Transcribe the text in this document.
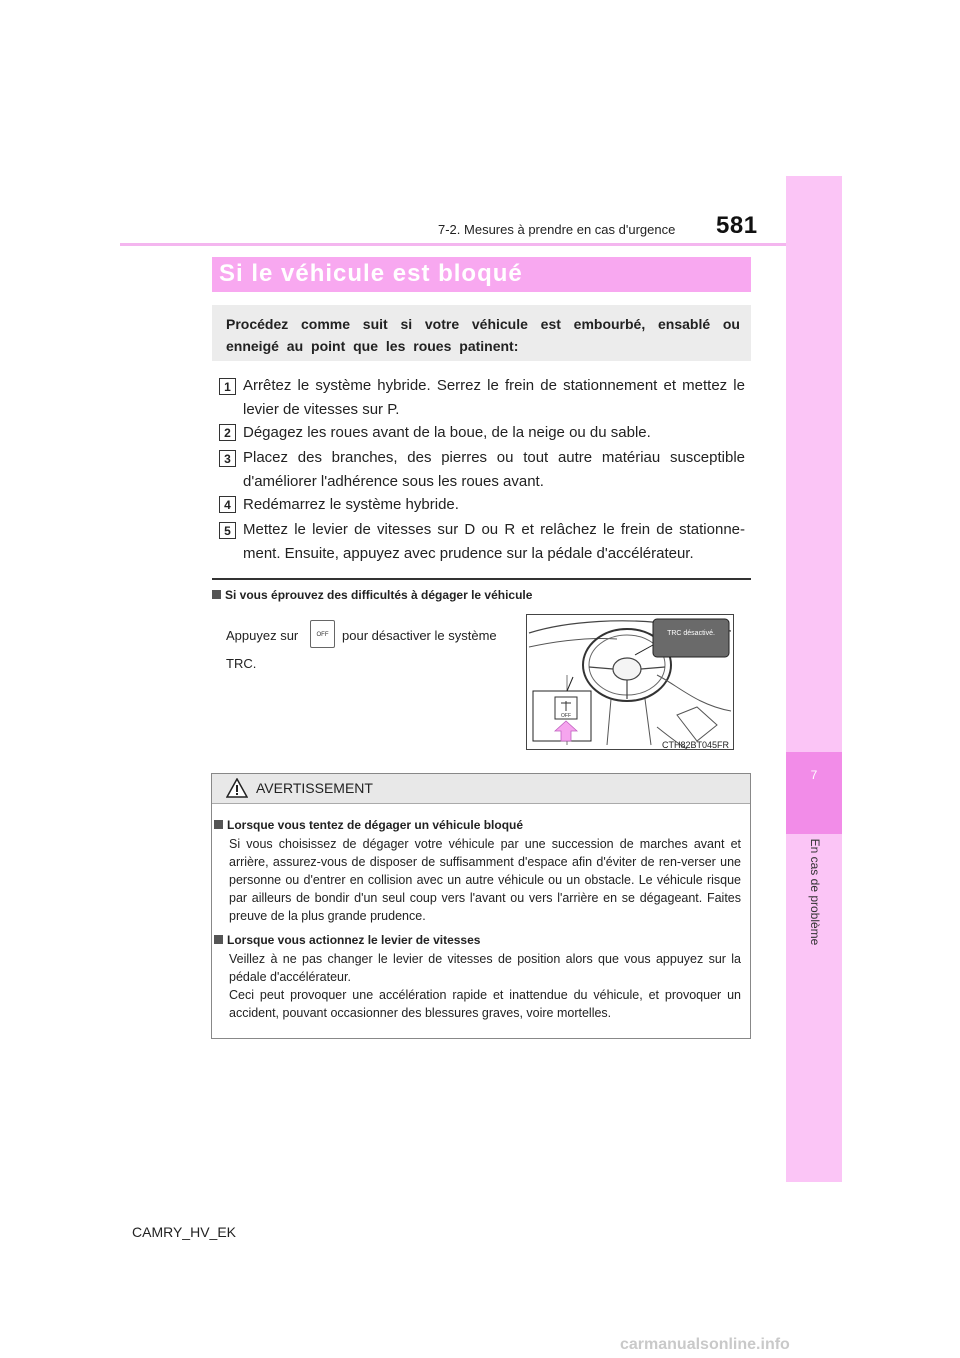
7-2. Mesures à prendre en cas d'urgence 581
7
En cas de problème
Si le véhicule est bloqué
Procédez comme suit si votre véhicule est embourbé, ensablé ou enneigé au point que les roues patinent:
1 Arrêtez le système hybride. Serrez le frein de stationnement et mettez le levier de vitesses sur P.
2 Dégagez les roues avant de la boue, de la neige ou du sable.
3 Placez des branches, des pierres ou tout autre matériau susceptible d'améliorer l'adhérence sous les roues avant.
4 Redémarrez le système hybride.
5 Mettez le levier de vitesses sur D ou R et relâchez le frein de stationne-ment. Ensuite, appuyez avec prudence sur la pédale d'accélérateur.
Si vous éprouvez des difficultés à dégager le véhicule
Appuyez sur	OFF	pour désactiver le système
TRC.
TRC désactivé.
OFF
CTH82BT045FR
AVERTISSEMENT
Lorsque vous tentez de dégager un véhicule bloqué
Si vous choisissez de dégager votre véhicule par une succession de marches avant et arrière, assurez-vous de disposer de suffisamment d'espace afin d'éviter de ren-verser une personne ou d'entrer en collision avec un autre véhicule ou un obstacle. Le véhicule risque par ailleurs de bondir d'un seul coup vers l'avant ou vers l'arrière en se dégageant. Faites preuve de la plus grande prudence.
Lorsque vous actionnez le levier de vitesses
Veillez à ne pas changer le levier de vitesses de position alors que vous appuyez sur la pédale d'accélérateur.
Ceci peut provoquer une accélération rapide et inattendue du véhicule, et provoquer un accident, pouvant occasionner des blessures graves, voire mortelles.
CAMRY_HV_EK
carmanualsonline.info
